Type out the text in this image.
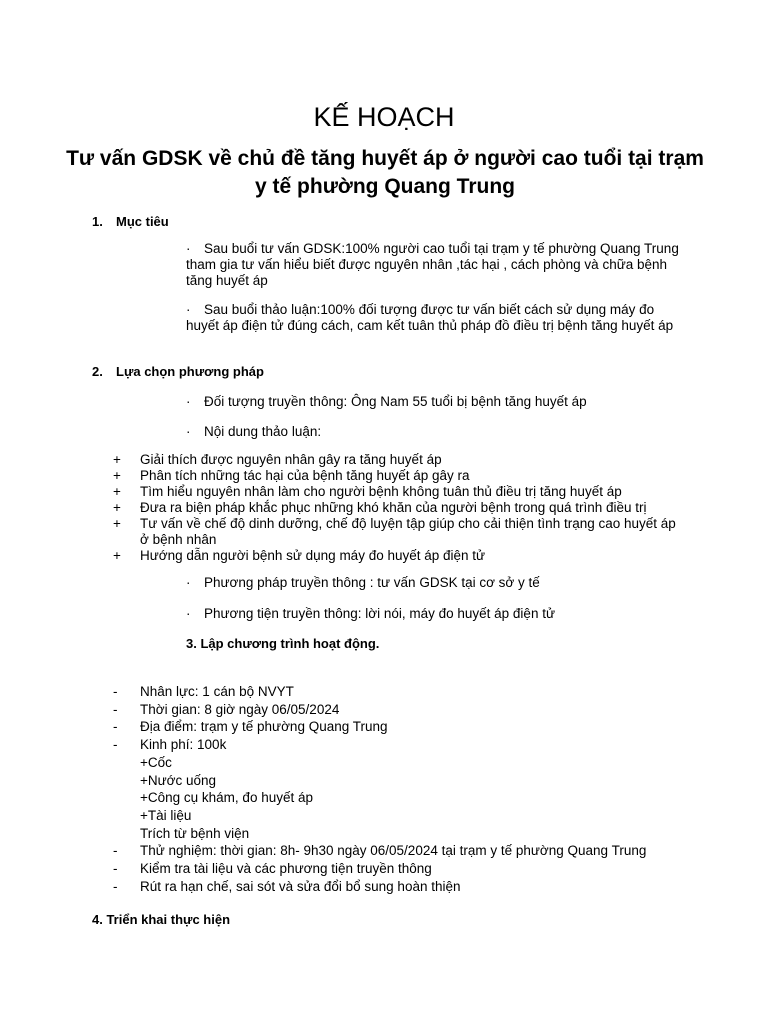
KẾ HOẠCH
Tư vấn GDSK về chủ đề tăng huyết áp ở người cao tuổi tại trạm y tế phường Quang Trung
1. Mục tiêu
· Sau buổi tư vấn GDSK:100% người cao tuổi tại trạm y tế phường Quang Trung tham gia tư vấn hiểu biết được nguyên nhân ,tác hại , cách phòng và chữa bệnh tăng huyết áp
· Sau buổi thảo luận:100% đối tượng được tư vấn biết cách sử dụng máy đo huyết áp điện tử đúng cách, cam kết tuân thủ pháp đồ điều trị bệnh tăng huyết áp
2. Lựa chọn phương pháp
· Đối tượng truyền thông: Ông Nam 55 tuổi bị bệnh tăng huyết áp
· Nội dung thảo luận:
+	Giải thích được nguyên nhân gây ra tăng huyết áp
+	Phân tích những tác hại của bệnh tăng huyết áp gây ra
+	Tìm hiểu nguyên nhân làm cho người bệnh không tuân thủ điều trị tăng huyết áp
+	Đưa ra biện pháp khắc phục những khó khăn của người bệnh trong quá trình điều trị
+	Tư vấn về chế độ dinh dưỡng, chế độ luyện tập giúp cho cải thiện tình trạng cao huyết áp ở bệnh nhân
+	Hướng dẫn người bệnh sử dụng máy đo huyết áp điện tử
· Phương pháp truyền thông : tư vấn GDSK tại cơ sở y tế
· Phương tiện truyền thông: lời nói, máy đo huyết áp điện tử
3. Lập chương trình hoạt động.
-	Nhân lực: 1 cán bộ NVYT
-	Thời gian: 8 giờ ngày 06/05/2024
-	Địa điểm: trạm y tế phường Quang Trung
-	Kinh phí: 100k
+Cốc
+Nước uống
+Công cụ khám, đo huyết áp
+Tài liệu
Trích từ bệnh viện
-	Thử nghiệm: thời gian: 8h- 9h30 ngày 06/05/2024 tại trạm y tế phường Quang Trung
-	Kiểm tra tài liệu và các phương tiện truyền thông
-	Rút ra hạn chế, sai sót và sửa đổi bổ sung hoàn thiện
4. Triển khai thực hiện
